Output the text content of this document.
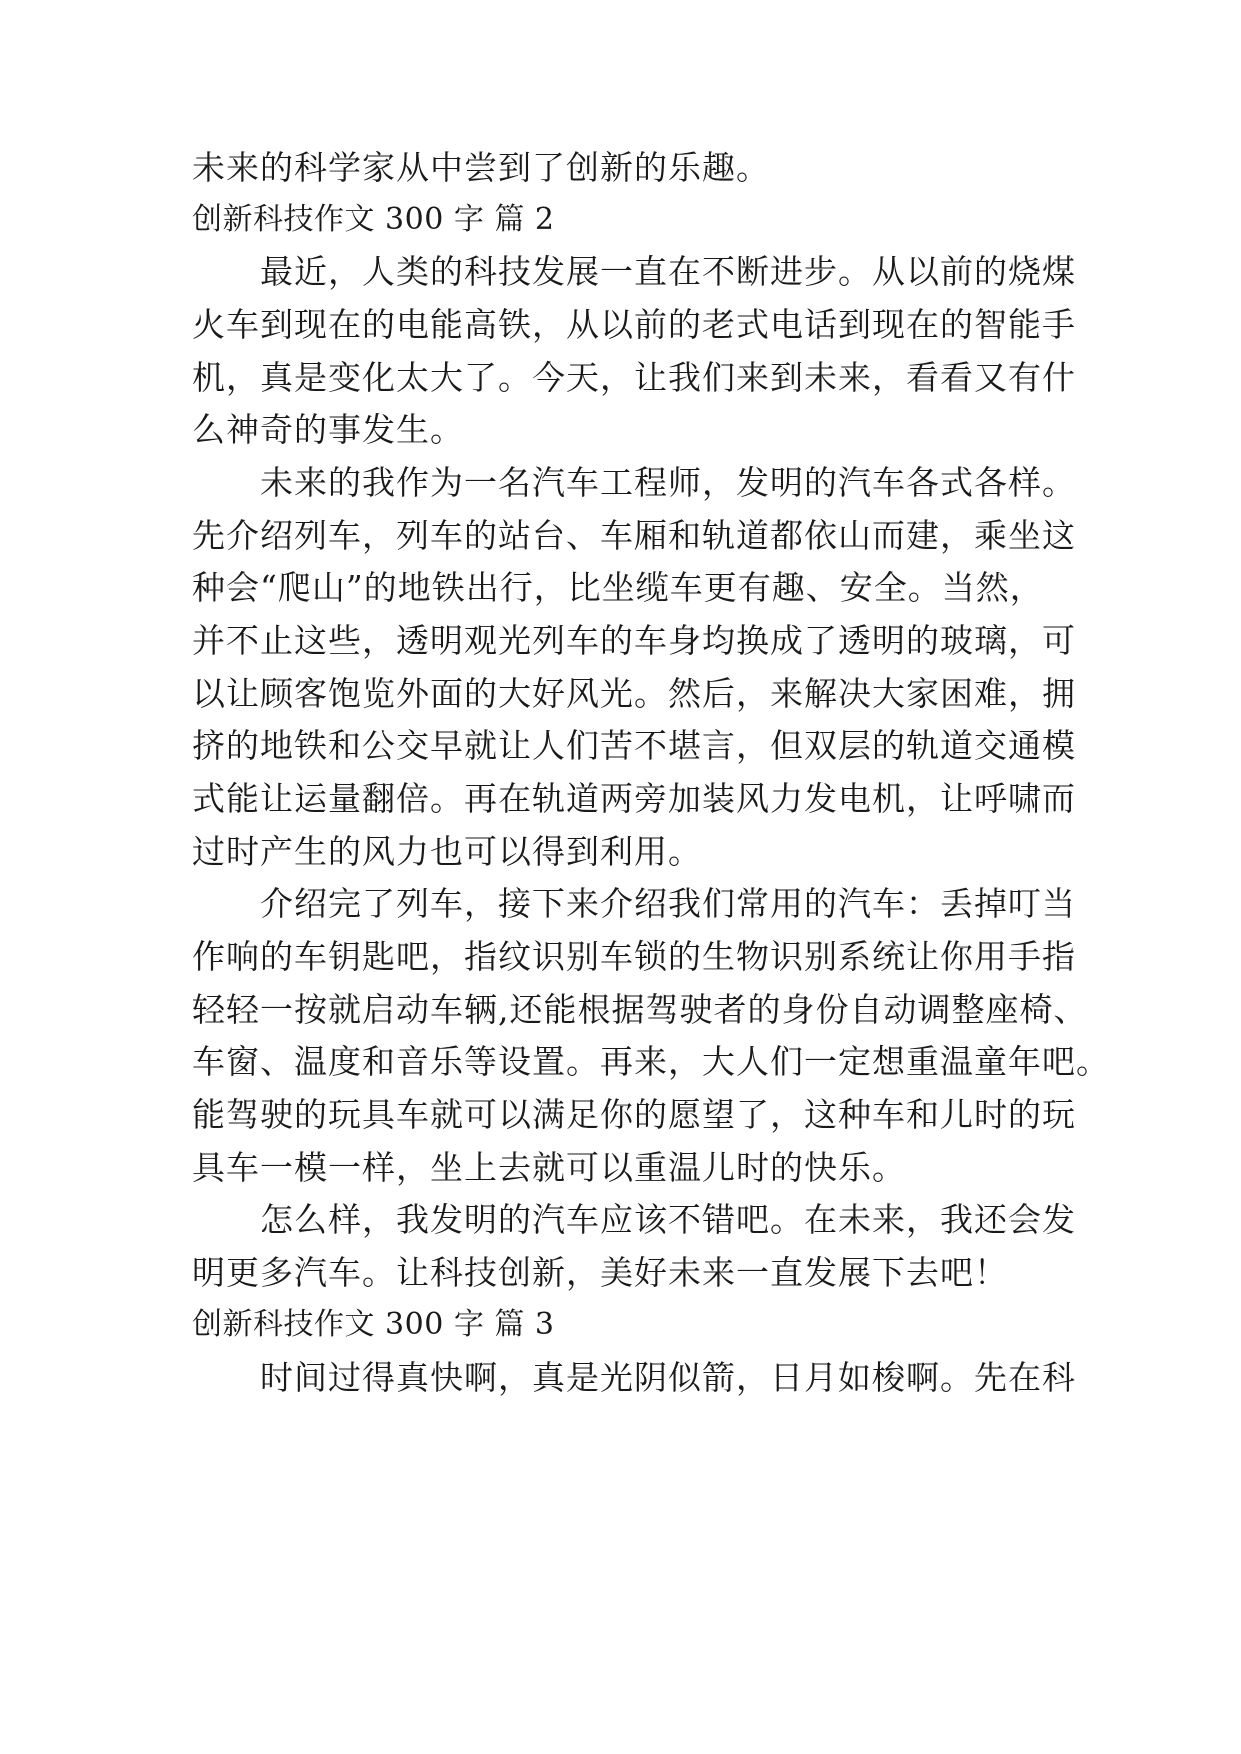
未来的科学家从中尝到了创新的乐趣。
创新科技作文 300 字 篇 2
　　最近，人类的科技发展一直在不断进步。从以前的烧煤
火车到现在的电能高铁，从以前的老式电话到现在的智能手
机，真是变化太大了。今天，让我们来到未来，看看又有什
么神奇的事发生。
　　未来的我作为一名汽车工程师，发明的汽车各式各样。
先介绍列车，列车的站台、车厢和轨道都依山而建，乘坐这
种会“爬山”的地铁出行，比坐缆车更有趣、安全。当然，
并不止这些，透明观光列车的车身均换成了透明的玻璃，可
以让顾客饱览外面的大好风光。然后，来解决大家困难，拥
挤的地铁和公交早就让人们苦不堪言，但双层的轨道交通模
式能让运量翻倍。再在轨道两旁加装风力发电机，让呼啸而
过时产生的风力也可以得到利用。
　　介绍完了列车，接下来介绍我们常用的汽车：丢掉叮当
作响的车钥匙吧，指纹识别车锁的生物识别系统让你用手指
轻轻一按就启动车辆,还能根据驾驶者的身份自动调整座椅、
车窗、温度和音乐等设置。再来，大人们一定想重温童年吧。
能驾驶的玩具车就可以满足你的愿望了，这种车和儿时的玩
具车一模一样，坐上去就可以重温儿时的快乐。
　　怎么样，我发明的汽车应该不错吧。在未来，我还会发
明更多汽车。让科技创新，美好未来一直发展下去吧！
创新科技作文 300 字 篇 3
　　时间过得真快啊，真是光阴似箭，日月如梭啊。先在科
